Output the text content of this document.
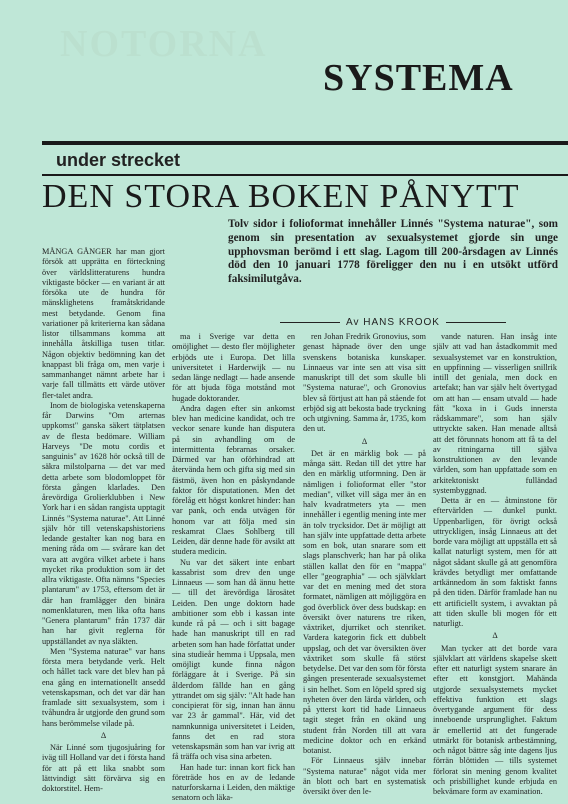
NOTORNA
SYSTEMA
under strecket
DEN STORA BOKEN PÅNYTT
Tolv sidor i folioformat innehåller Linnés "Systema naturae", som genom sin presentation av sexualsystemet gjorde sin unge upphovsman berömd i ett slag. Lagom till 200-årsdagen av Linnés död den 10 januari 1778 föreligger den nu i en utsökt utförd faksimilutgåva.
Av HANS KROOK

MÅNGA GÅNGER har man gjort försök att upprätta en förteckning över världslitteraturens hundra viktigaste böcker — en variant är att försöka ute de hundra för mänsklighetens framåtskridande mest betydande. Genom fina variationer på kriterierna kan sådana listor tillsammans komma att innehålla åtskilliga tusen titlar. Någon objektiv bedömning kan det knappast bli fråga om, men varje i sammanhanget nämnt arbete har i varje fall tillmätts ett värde utöver fler-talet andra.

Inom de biologiska vetenskaperna får Darwins "Om arternas uppkomst" ganska säkert tätplatsen av de flesta bedömare. William Harveys "De motu cordis et sanguinis" av 1628 hör också till de säkra milstolparna — det var med detta arbete som blodomloppet för första gången klarlades. Den årevördiga Grolierklubben i New York har i en sådan rangista upptagit Linnés "Systema naturae". Att Linné själv hör till vetenskapshistoriens ledande gestalter kan nog bara en mening råda om — svårare kan det vara att avgöra vilket arbete i hans mycket rika produktion som är det allra viktigaste. Ofta nämns "Species plantarum" av 1753, eftersom det är där han framlägger den binära nomenklaturen, men lika ofta hans "Genera plantarum" från 1737 där han har givit reglerna för uppställandet av nya släkten.

Men "Systema naturae" var hans första mera betydande verk. Helt och hållet tack vare det blev han på ena gång en internationellt ansedd vetenskapsman, och det var där han framlade sitt sexualsystem, som i tvåhundra år utgjorde den grund som hans berömmelse vilade på.

Δ

När Linné som tjugosjuåring for iväg till Holland var det i första hand för att på ett lika snabbt som lättvindigt sätt förvärva sig en doktorstitel. Hem-

ma i Sverige var detta en omöjlighet — desto fler möjligheter erbjöds ute i Europa. Det lilla universitetet i Harderwijk — nu sedan länge nedlagt — hade ansende för att bjuda föga motstånd mot hugade doktorander.

Andra dagen efter sin ankomst blev han medicine kandidat, och tre veckor senare kunde han disputera på sin avhandling om de intermittenta febrarnas orsaker. Därmed var han oförhindrad att återvända hem och gifta sig med sin fästmö, även hon en påskyndande faktor för disputationen. Men det förelåg ett högst konkret hinder: han var pank, och enda utvägen för honom var att följa med sin reskamrat Claes Sohlberg till Leiden, där denne hade för avsikt att studera medicin.

Nu var det säkert inte enbart kassabrist som drev den unge Linnaeus — som han då ännu hette — till det ärevördiga lärosätet Leiden. Den unge doktorn hade ambitioner som ebb i kassan inte kunde rå på — och i sitt bagage hade han manuskript till en rad arbeten som han hade författat under sina studieår hemma i Uppsala, men omöjligt kunde finna någon förläggare åt i Sverige. På sin ålderdom fällde han en gång yttrandet om sig själv: "Alt hade han concipierat för sig, innan han ännu var 23 år gammal". Här, vid det namnkunniga universitetet i Leiden, fanns det en rad stora vetenskapsmän som han var ivrig att få träffa och visa sina arbeten.

Han hade tur: innan kort fick han företräde hos en av de ledande naturforskarna i Leiden, den mäktige senatorn och läka-

ren Johan Fredrik Gronovius, som genast häpnade över den unge svenskens botaniska kunskaper. Linnaeus var inte sen att visa sitt manuskript till det som skulle bli "Systema naturae", och Gronovius blev så förtjust att han på stående fot erbjöd sig att bekosta bade tryckning och utgivning. Samma år, 1735, kom den ut.

Δ

Det är en märklig bok — på många sätt. Redan till det yttre har den en märklig utformning. Den är nämligen i folioformat eller "stor median", vilket vill säga mer än en halv kvadratmeters yta — men innehåller i egentlig mening inte mer än tolv trycksidor. Det är möjligt att han själv inte uppfattade detta arbete som en bok, utan snarare som ett slags planschverk; han har på olika ställen kallat den för en "mappa" eller "geographia" — och självklart var det en mening med det stora formatet, nämligen att möjliggöra en god överblick över dess budskap: en översikt över naturens tre riken, växtriket, djurriket och stenriket. Vardera kategorin fick ett dubbelt uppslag, och det var översikten över växtriket som skulle få störst betydelse. Det var den som för första gången presenterade sexualsystemet i sin helhet. Som en löpeld spred sig nyheten över den lärda världen, och på ytterst kort tid hade Linnaeus tagit steget från en okänd ung student från Norden till att vara medicine doktor och en erkänd botanist.

För Linnaeus själv innebar "Systema naturae" något vida mer än blott och bart en systematisk översikt över den le-

vande naturen. Han insåg inte själv att vad han åstadkommit med sexualsystemet var en konstruktion, en uppfinning — visserligen snillrik intill det geniala, men dock en artefakt; han var själv helt övertygad om att han — ensam utvald — hade fått "koxa in i Guds innersta rådskammare", som han själv uttryckte saken. Han menade alltså att det förunnats honom att få ta del av ritningarna till själva konstruktionen av den levande världen, som han uppfattade som en arkitektoniskt fulländad systembyggnad.

Detta är en — åtminstone för eftervärlden — dunkel punkt. Uppenbarligen, för övrigt också uttryckligen, insåg Linnaeus att det borde vara möjligt att uppställa ett så kallat naturligt system, men för att något sådant skulle gå att genomföra krävdes betydligt mer omfattande artkännedom än som faktiskt fanns på den tiden. Därför framlade han nu ett artificiellt system, i avvaktan på att tiden skulle bli mogen för ett naturligt.

Δ

Man tycker att det borde vara självklart att världens skapelse skett efter ett naturligt system snarare än efter ett konstgjort. Mahända utgjorde sexualsystemets mycket effektiva funktion ett slags övertygande argument för dess inneboende ursprunglighet. Faktum är emellertid att det fungerade utmärkt för botanisk artbestämning, och något bättre såg inte dagens ljus förrän blöttiden — tills systemet förlorat sin mening genom kvalitet och prisbillighet kunde erbjuda en bekvämare form av examination.
